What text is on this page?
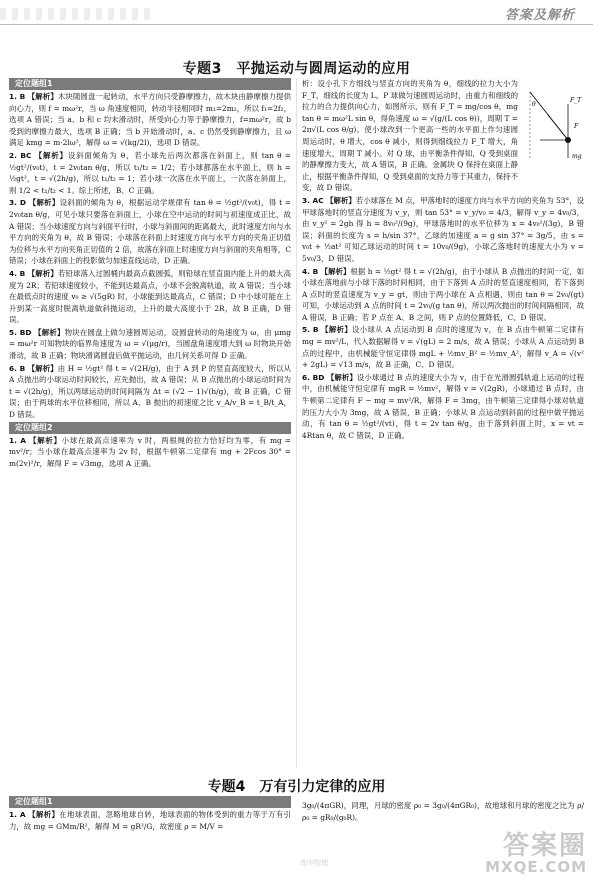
答案及解析
专题3　平抛运动与圆周运动的应用
定位题组1

1. B 【解析】木块随圆盘一起转动，水平方向只受静摩擦力，故木块由静摩擦力提供向心力，则 f = mω²r，当 ω 角速度相同，转动半径相同时 m₁=2m₂，所以 f₁=2f₂，选项 A 错误；当 a、b 和 c 均未滑动时，所受向心力等于静摩擦力，f=mω²r，故 b 受到的摩擦力最大，选项 B 正确；当 b 开始滑动时，a、c 仍然受到静摩擦力，且 ω 满足 kmg = m·2lω²，解得 ω = √(kg/2l)，选项 D 错误。

2. BC 【解析】设斜面倾角为 θ，若小球先后两次都落在斜面上，则 tan θ = ½gt²/(v₀t)，t = 2v₀tan θ/g，所以 t₁/t₂ = 1/2；若小球都落在水平面上，则 h = ½gt²，t = √(2h/g)，所以 t₁/t₂ = 1；若小球一次落在水平面上，一次落在斜面上，则 1/2 < t₁/t₂ < 1。综上所述，B、C 正确。

3. D 【解析】设斜面的倾角为 θ，根据运动学规律有 tan θ = ½gt²/(v₀t)，得 t = 2v₀tan θ/g，可见小球只要落在斜面上，小球在空中运动的时间与初速度成正比，故 A 错误；当小球速度方向与斜面平行时，小球与斜面间的距离最大，此时速度方向与水平方向的夹角为 θ，故 B 错误；小球落在斜面上时速度方向与水平方向的夹角正切值为位移与水平方向夹角正切值的 2 倍，故落在斜面上时速度方向与斜面的夹角相等，C 错误；小球在斜面上的投影做匀加速直线运动，D 正确。

4. B 【解析】若铅球落入过圆桶内最高点截圆弧，则铅球在竖直面内能上升的最大高度为 2R；若铅球速度较小，不能到达最高点，小球不会脱离轨道，故 A 错误；当小球在最低点时的速度 v₀ ≥ √(5gR) 时，小球能到达最高点，C 错误；D 中小球可能在上升到某一高度时脱离轨道做斜抛运动，上升的最大高度小于 2R，故 B 正确，D 错误。

5. BD 【解析】物块在圆盘上做匀速圆周运动，设圆盘转动的角速度为 ω，由 μmg = mω²r 可知物块的临界角速度为 ω = √(μg/r)，当圆盘角速度增大到 ω 时物块开始滑动，故 B 正确；物块滑离圆盘后做平抛运动，由几何关系可得 D 正确。

6. B 【解析】由 H = ½gt² 得 t = √(2H/g)，由于 A 到 P 的竖直高度较大，所以从 A 点抛出的小球运动时间较长，应先抛出，故 A 错误；从 B 点抛出的小球运动时间为 t = √(2h/g)，所以两球运动的时间间隔为 Δt = (√2 − 1)√(h/g)，故 B 正确，C 错误；由于两球的水平位移相同，所以 A、B 抛出的初速度之比 v_A/v_B = t_B/t_A，D 错误。

定位题组2

1. A 【解析】小球在最高点速率为 v 时，两根绳的拉力恰好均为零，有 mg = mv²/r；当小球在最高点速率为 2v 时，根据牛顿第二定律有 mg + 2Fcos 30° = m(2v)²/r，解得 F = √3mg，选项 A 正确。

析：设小孔下方细线与竖直方向的夹角为 θ，细线的拉力大小为 F_T，细线的长度为 L。P 球做匀速圆周运动时，由重力和细线的拉力的合力提供向心力，如图所示，则有 F_T = mg/cos θ，mg tan θ = mω²L sin θ，得角速度 ω = √(g/(L cos θ))，周期 T = 2π√(L cos θ/g)。使小球改到一个更高一些的水平面上作匀速圆周运动时，θ 增大，cos θ 减小，则得到细线拉力 F_T 增大，角速度增大，周期 T 减小。对 Q 球，由平衡条件得知，Q 受到桌面的静摩擦力变大，故 A 错误，B 正确。金属块 Q 保持在桌面上静止，根据平衡条件得知，Q 受到桌面的支持力等于其重力，保持不变，故 D 错误。

3. AC 【解析】若小球落在 M 点，甲落地时的速度方向与水平方向的夹角为 53°，设甲球落地时的竖直分速度为 v_y，则 tan 53° = v_y/v₀ = 4/3，解得 v_y = 4v₀/3，由 v_y² = 2gh 得 h = 8v₀²/(9g)，甲球落地时的水平位移为 x = 4v₀²/(3g)，B 错误；斜面的长度为 s = h/sin 37°，乙球的加速度 a = g sin 37° = 3g/5，由 s = v₀t + ½at² 可知乙球运动的时间 t = 10v₀/(9g)，小球乙落地时的速度大小为 v = 5v₀/3，D 错误。

4. B 【解析】根据 h = ½gt² 得 t = √(2h/g)，由于小球从 B 点抛出的时间一定，如小球在落地前与小球下落的时间相同，由于下落到 A 点时的竖直速度相同，若下落到 A 点时的竖直速度为 v_y = gt，则由于两小球在 A 点相遇，则由 tan θ = 2v₀/(gt) 可知，小球运动到 A 点的时间 t = 2v₀/(g tan θ)，所以两次抛出的时间间隔相同，故 A 错误，B 正确；若 P 点在 A、B 之间，则 P 点的位置降低，C、D 错误。

5. B 【解析】设小球从 A 点运动到 B 点时的速度为 v，在 B 点由牛顿第二定律有 mg = mv²/L，代入数据解得 v = √(gL) = 2 m/s，故 A 错误；小球从 A 点运动到 B 点的过程中，由机械能守恒定律得 mgL + ½mv_B² = ½mv_A²，解得 v_A = √(v² + 2gL) = √13 m/s，故 B 正确，C、D 错误。

6. BD 【解析】设小球通过 B 点的速度大小为 v，由于在光滑圆弧轨道上运动的过程中，由机械能守恒定律有 mgR = ½mv²，解得 v = √(2gR)，小球通过 B 点时，由牛顿第二定律有 F − mg = mv²/R，解得 F = 3mg，由牛顿第三定律得小球对轨道的压力大小为 3mg，故 A 错误，B 正确；小球从 B 点运动到斜面的过程中做平抛运动，有 tan θ = ½gt²/(vt)，得 t = 2v tan θ/g，由于落到斜面上时，x = vt = 4Rtan θ，故 C 错误，D 正确。

F_T
F
mg
θ
专题4　万有引力定律的应用
定位题组1

1. A 【解析】在地球表面，忽略地球自转，地球表面的物体受到的重力等于万有引力，故 mg = GMm/R²，解得 M = gR²/G，故密度 ρ = M/V =

3g₀/(4πGR)，同理，月球的密度 ρ₀ = 3g₀/(4πGR₀)，故地球和月球的密度之比为 ρ/ρ₀ = gR₀/(g₀R)。

答案圈
MXQE.COM
高中物理
